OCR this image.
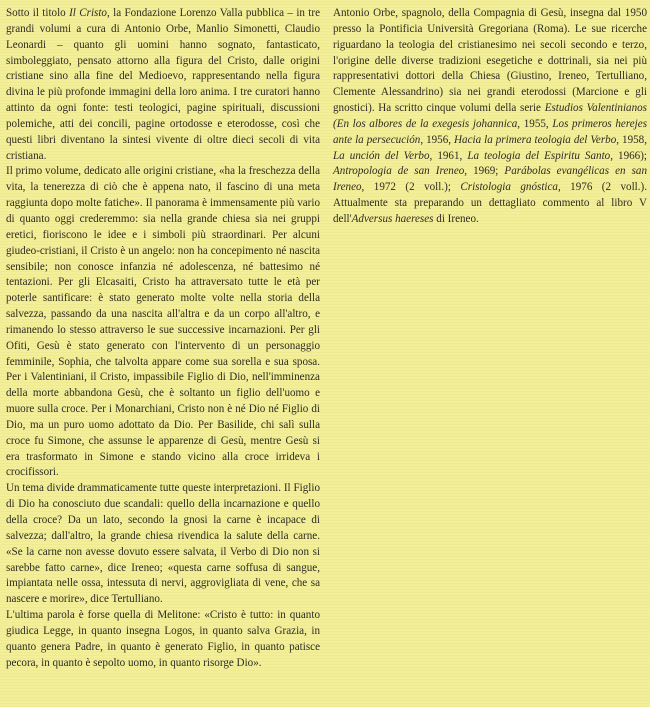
Sotto il titolo Il Cristo, la Fondazione Lorenzo Valla pubblica – in tre grandi volumi a cura di Antonio Orbe, Manlio Simonetti, Claudio Leonardi – quanto gli uomini hanno sognato, fantasticato, simboleggiato, pensato attorno alla figura del Cristo, dalle origini cristiane sino alla fine del Medioevo, rappresentando nella figura divina le più profonde immagini della loro anima. I tre curatori hanno attinto da ogni fonte: testi teologici, pagine spirituali, discussioni polemiche, atti dei concili, pagine ortodosse e eterodosse, così che questi libri diventano la sintesi vivente di oltre dieci secoli di vita cristiana.

Il primo volume, dedicato alle origini cristiane, «ha la freschezza della vita, la tenerezza di ciò che è appena nato, il fascino di una meta raggiunta dopo molte fatiche». Il panorama è immensamente più vario di quanto oggi crederemmo: sia nella grande chiesa sia nei gruppi eretici, fioriscono le idee e i simboli più straordinari. Per alcuni giudeo-cristiani, il Cristo è un angelo: non ha concepimento né nascita sensibile; non conosce infanzia né adolescenza, né battesimo né tentazioni. Per gli Elcasaiti, Cristo ha attraversato tutte le età per poterle santificare: è stato generato molte volte nella storia della salvezza, passando da una nascita all'altra e da un corpo all'altro, e rimanendo lo stesso attraverso le sue successive incarnazioni. Per gli Ofiti, Gesù è stato generato con l'intervento di un personaggio femminile, Sophia, che talvolta appare come sua sorella e sua sposa. Per i Valentiniani, il Cristo, impassibile Figlio di Dio, nell'imminenza della morte abbandona Gesù, che è soltanto un figlio dell'uomo e muore sulla croce. Per i Monarchiani, Cristo non è né Dio né Figlio di Dio, ma un puro uomo adottato da Dio. Per Basilide, chi salì sulla croce fu Simone, che assunse le apparenze di Gesù, mentre Gesù si era trasformato in Simone e stando vicino alla croce irrideva i crocifissori.

Un tema divide drammaticamente tutte queste interpretazioni. Il Figlio di Dio ha conosciuto due scandali: quello della incarnazione e quello della croce? Da un lato, secondo la gnosi la carne è incapace di salvezza; dall'altro, la grande chiesa rivendica la salute della carne. «Se la carne non avesse dovuto essere salvata, il Verbo di Dio non si sarebbe fatto carne», dice Ireneo; «questa carne soffusa di sangue, impiantata nelle ossa, intessuta di nervi, aggrovigliata di vene, che sa nascere e morire», dice Tertulliano.

L'ultima parola è forse quella di Melitone: «Cristo è tutto: in quanto giudica Legge, in quanto insegna Logos, in quanto salva Grazia, in quanto genera Padre, in quanto è generato Figlio, in quanto patisce pecora, in quanto è sepolto uomo, in quanto risorge Dio».

Antonio Orbe, spagnolo, della Compagnia di Gesù, insegna dal 1950 presso la Pontificia Università Gregoriana (Roma). Le sue ricerche riguardano la teologia del cristianesimo nei secoli secondo e terzo, l'origine delle diverse tradizioni esegetiche e dottrinali, sia nei più rappresentativi dottori della Chiesa (Giustino, Ireneo, Tertulliano, Clemente Alessandrino) sia nei grandi eterodossi (Marcione e gli gnostici). Ha scritto cinque volumi della serie Estudios Valentinianos (En los albores de la exegesis johannica, 1955, Los primeros herejes ante la persecución, 1956, Hacia la primera teologia del Verbo, 1958, La unción del Verbo, 1961, La teologia del Espiritu Santo, 1966); Antropologia de san Ireneo, 1969; Parábolas evangélicas en san Ireneo, 1972 (2 voll.); Cristologia gnóstica, 1976 (2 voll.). Attualmente sta preparando un dettagliato commento al libro V dell'Adversus haereses di Ireneo.
